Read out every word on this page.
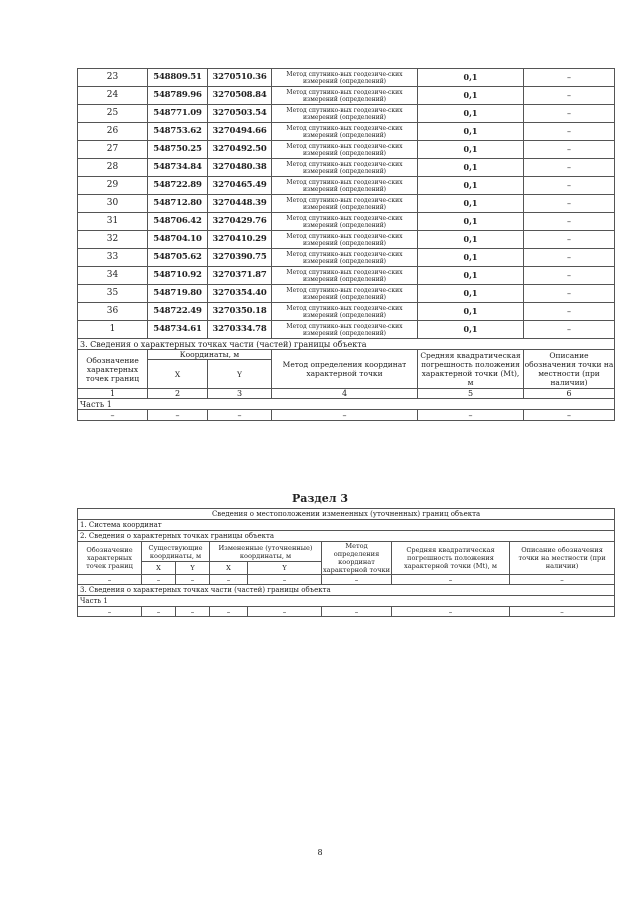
23	548809.51	3270510.36	Метод спутнико-вых геодезиче-ских измерений (определений)	0,1	–
24	548789.96	3270508.84	Метод спутнико-вых геодезиче-ских измерений (определений)	0,1	–
25	548771.09	3270503.54	Метод спутнико-вых геодезиче-ских измерений (определений)	0,1	–
26	548753.62	3270494.66	Метод спутнико-вых геодезиче-ских измерений (определений)	0,1	–
27	548750.25	3270492.50	Метод спутнико-вых геодезиче-ских измерений (определений)	0,1	–
28	548734.84	3270480.38	Метод спутнико-вых геодезиче-ских измерений (определений)	0,1	–
29	548722.89	3270465.49	Метод спутнико-вых геодезиче-ских измерений (определений)	0,1	–
30	548712.80	3270448.39	Метод спутнико-вых геодезиче-ских измерений (определений)	0,1	–
31	548706.42	3270429.76	Метод спутнико-вых геодезиче-ских измерений (определений)	0,1	–
32	548704.10	3270410.29	Метод спутнико-вых геодезиче-ских измерений (определений)	0,1	–
33	548705.62	3270390.75	Метод спутнико-вых геодезиче-ских измерений (определений)	0,1	–
34	548710.92	3270371.87	Метод спутнико-вых геодезиче-ских измерений (определений)	0,1	–
35	548719.80	3270354.40	Метод спутнико-вых геодезиче-ских измерений (определений)	0,1	–
36	548722.49	3270350.18	Метод спутнико-вых геодезиче-ских измерений (определений)	0,1	–
1	548734.61	3270334.78	Метод спутнико-вых геодезиче-ских измерений (определений)	0,1	–
3. Сведения о характерных точках части (частей) границы объекта					
Обозначение характерных точек границ	Координаты, м		Метод определения координат характерной точки	Средняя квадратическая погрешность положения характерной точки (Mt), м	Описание обозначения точки на местности (при наличии)
	X	Y			
1	2	3	4	5	6
Часть 1					
–	–	–	–	–	–
Раздел 3
Сведения о местоположении измененных (уточненных) границ объекта							
1. Система координат							
2. Сведения о характерных точках границы объекта							
Обозначение характерных точек границ	Существующие координаты, м		Измененные (уточненные) координаты, м		Метод определения координат характерной точки	Средняя квадратическая погрешность положения характерной точки (Mt), м	Описание обозначения точки на местности (при наличии)
	X	Y	X	Y			
–	–	–	–	–	–	–	–
3. Сведения о характерных точках части (частей) границы объекта							
Часть 1							
–	–	–	–	–	–	–	–
8
